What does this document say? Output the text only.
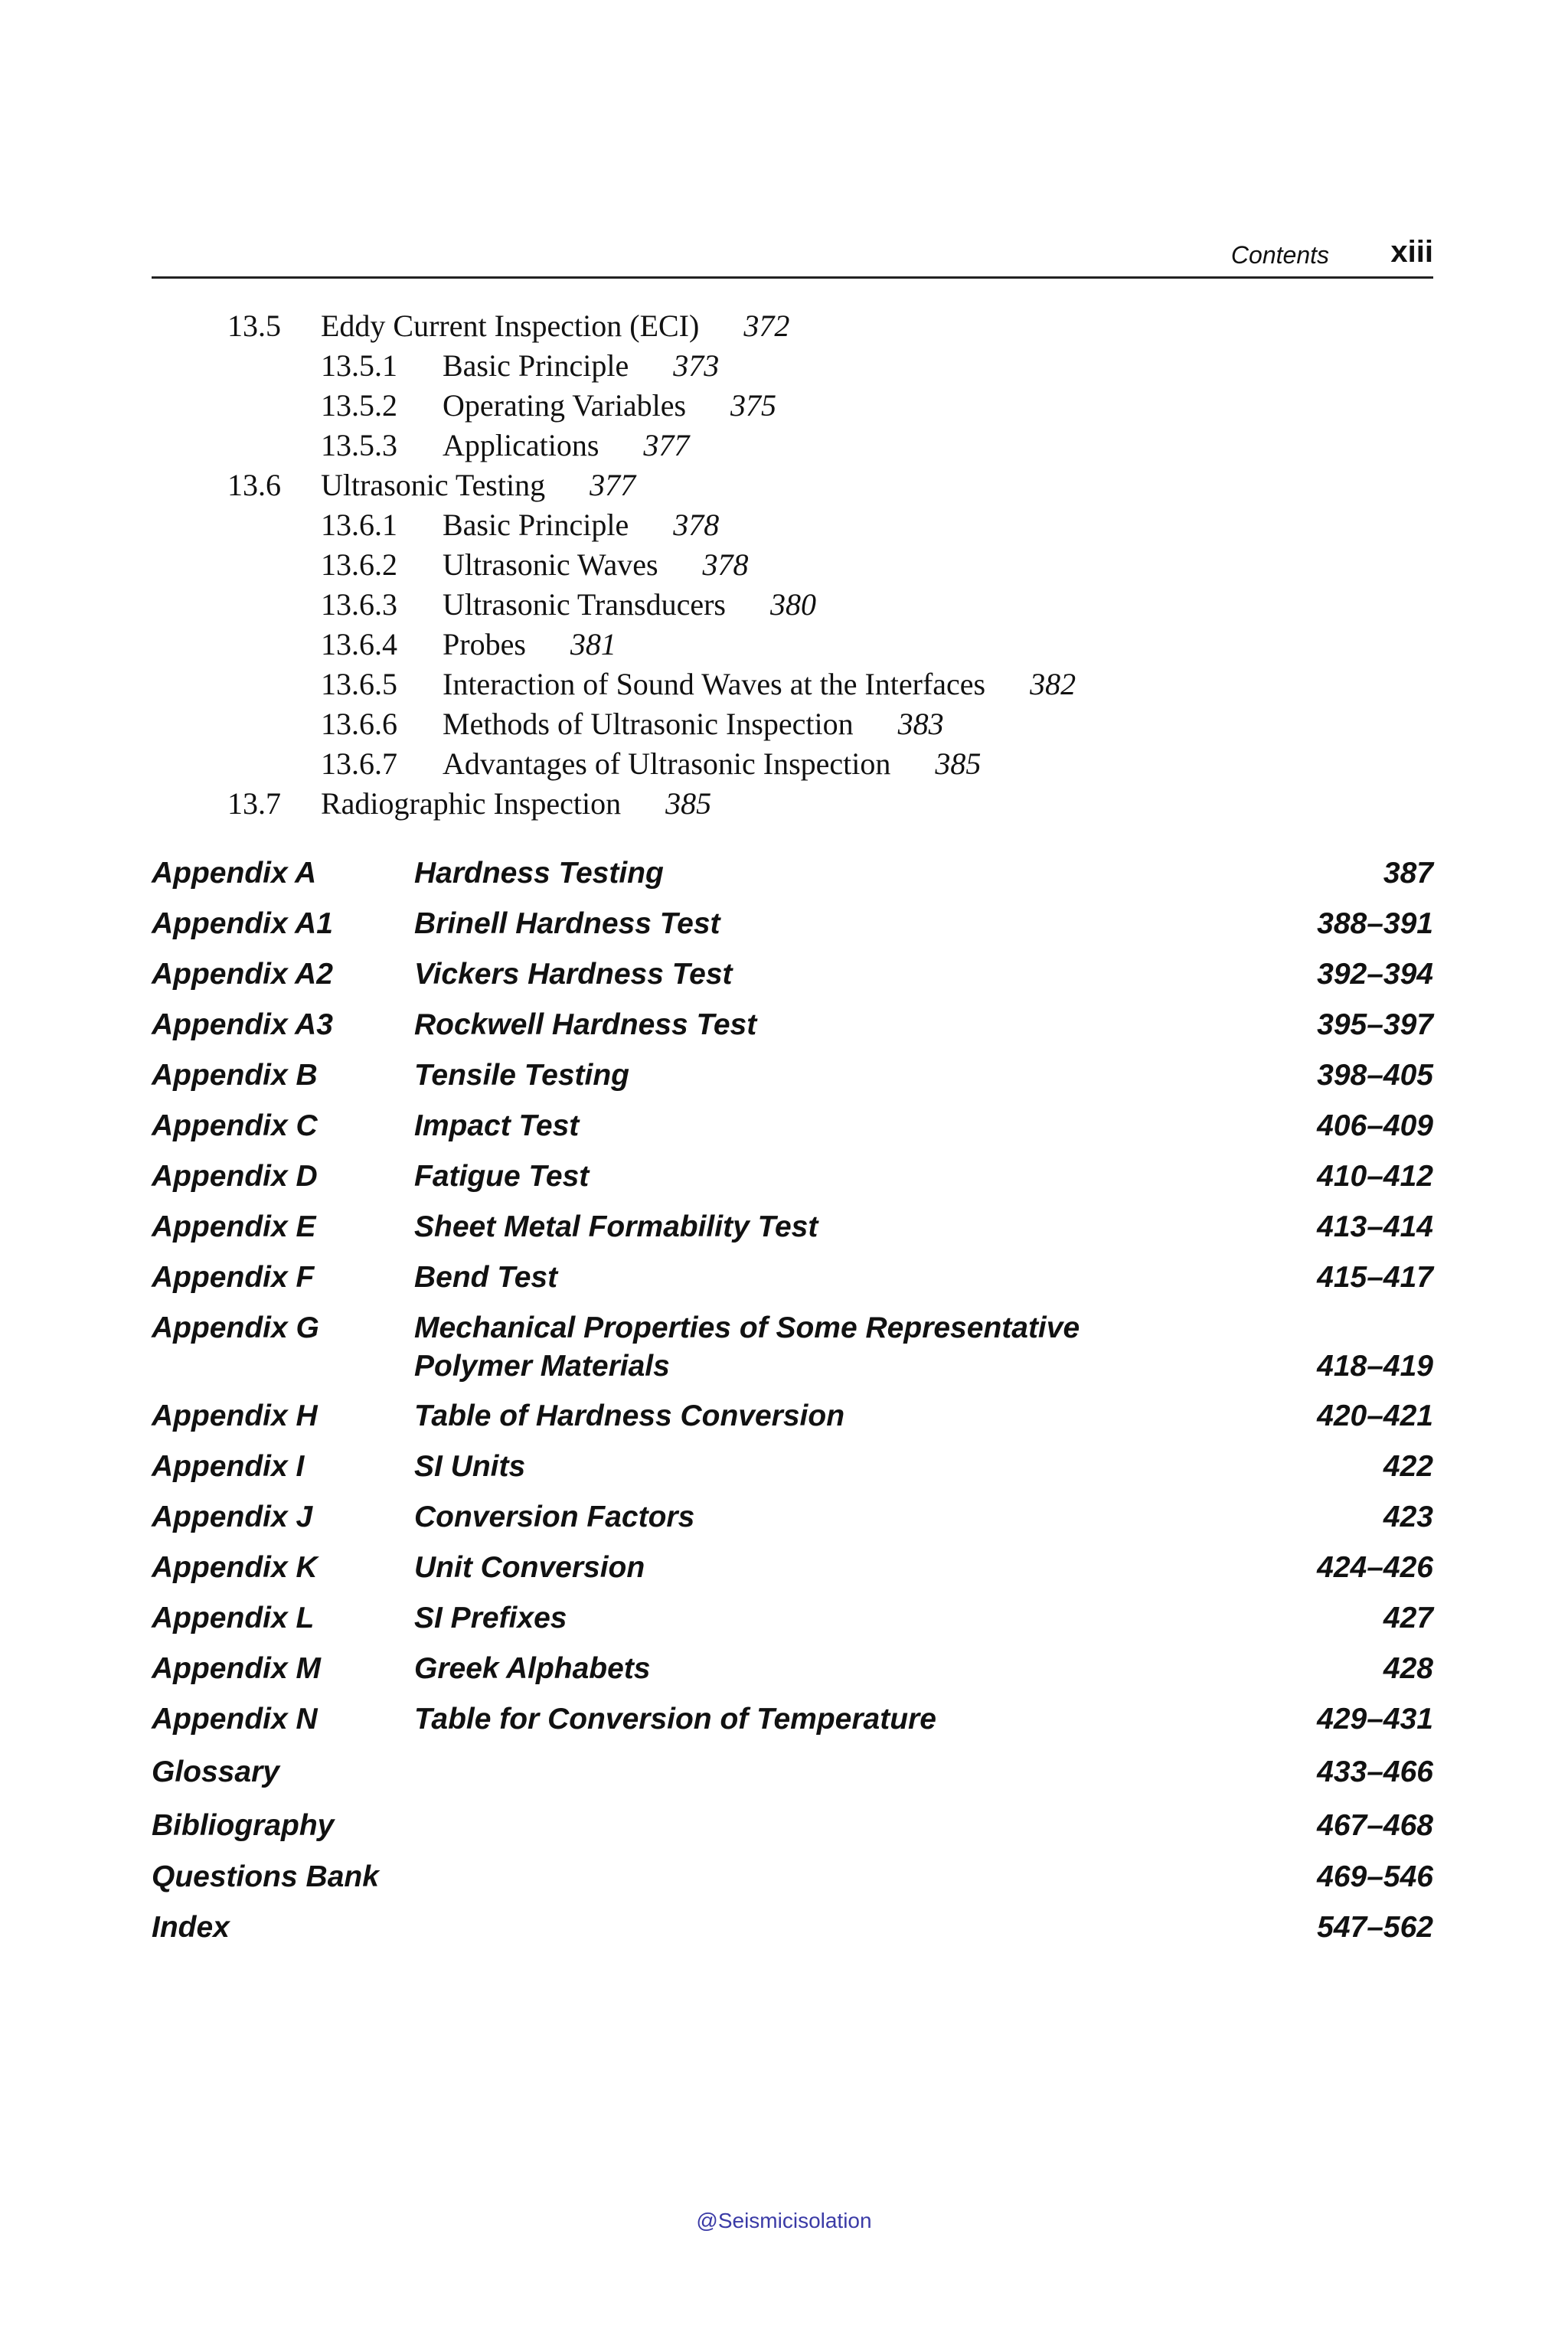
Contents xiii
13.5 Eddy Current Inspection (ECI) 372
13.5.1 Basic Principle 373
13.5.2 Operating Variables 375
13.5.3 Applications 377
13.6 Ultrasonic Testing 377
13.6.1 Basic Principle 378
13.6.2 Ultrasonic Waves 378
13.6.3 Ultrasonic Transducers 380
13.6.4 Probes 381
13.6.5 Interaction of Sound Waves at the Interfaces 382
13.6.6 Methods of Ultrasonic Inspection 383
13.6.7 Advantages of Ultrasonic Inspection 385
13.7 Radiographic Inspection 385
Appendix A	Hardness Testing	387
Appendix A1	Brinell Hardness Test	388–391
Appendix A2	Vickers Hardness Test	392–394
Appendix A3	Rockwell Hardness Test	395–397
Appendix B	Tensile Testing	398–405
Appendix C	Impact Test	406–409
Appendix D	Fatigue Test	410–412
Appendix E	Sheet Metal Formability Test	413–414
Appendix F	Bend Test	415–417
Appendix G	Mechanical Properties of Some Representative
Polymer Materials	418–419
Appendix H	Table of Hardness Conversion	420–421
Appendix I	SI Units	422
Appendix J	Conversion Factors	423
Appendix K	Unit Conversion	424–426
Appendix L	SI Prefixes	427
Appendix M	Greek Alphabets	428
Appendix N	Table for Conversion of Temperature	429–431
Glossary	433–466
Bibliography	467–468
Questions Bank	469–546
Index	547–562
@Seismicisolation
